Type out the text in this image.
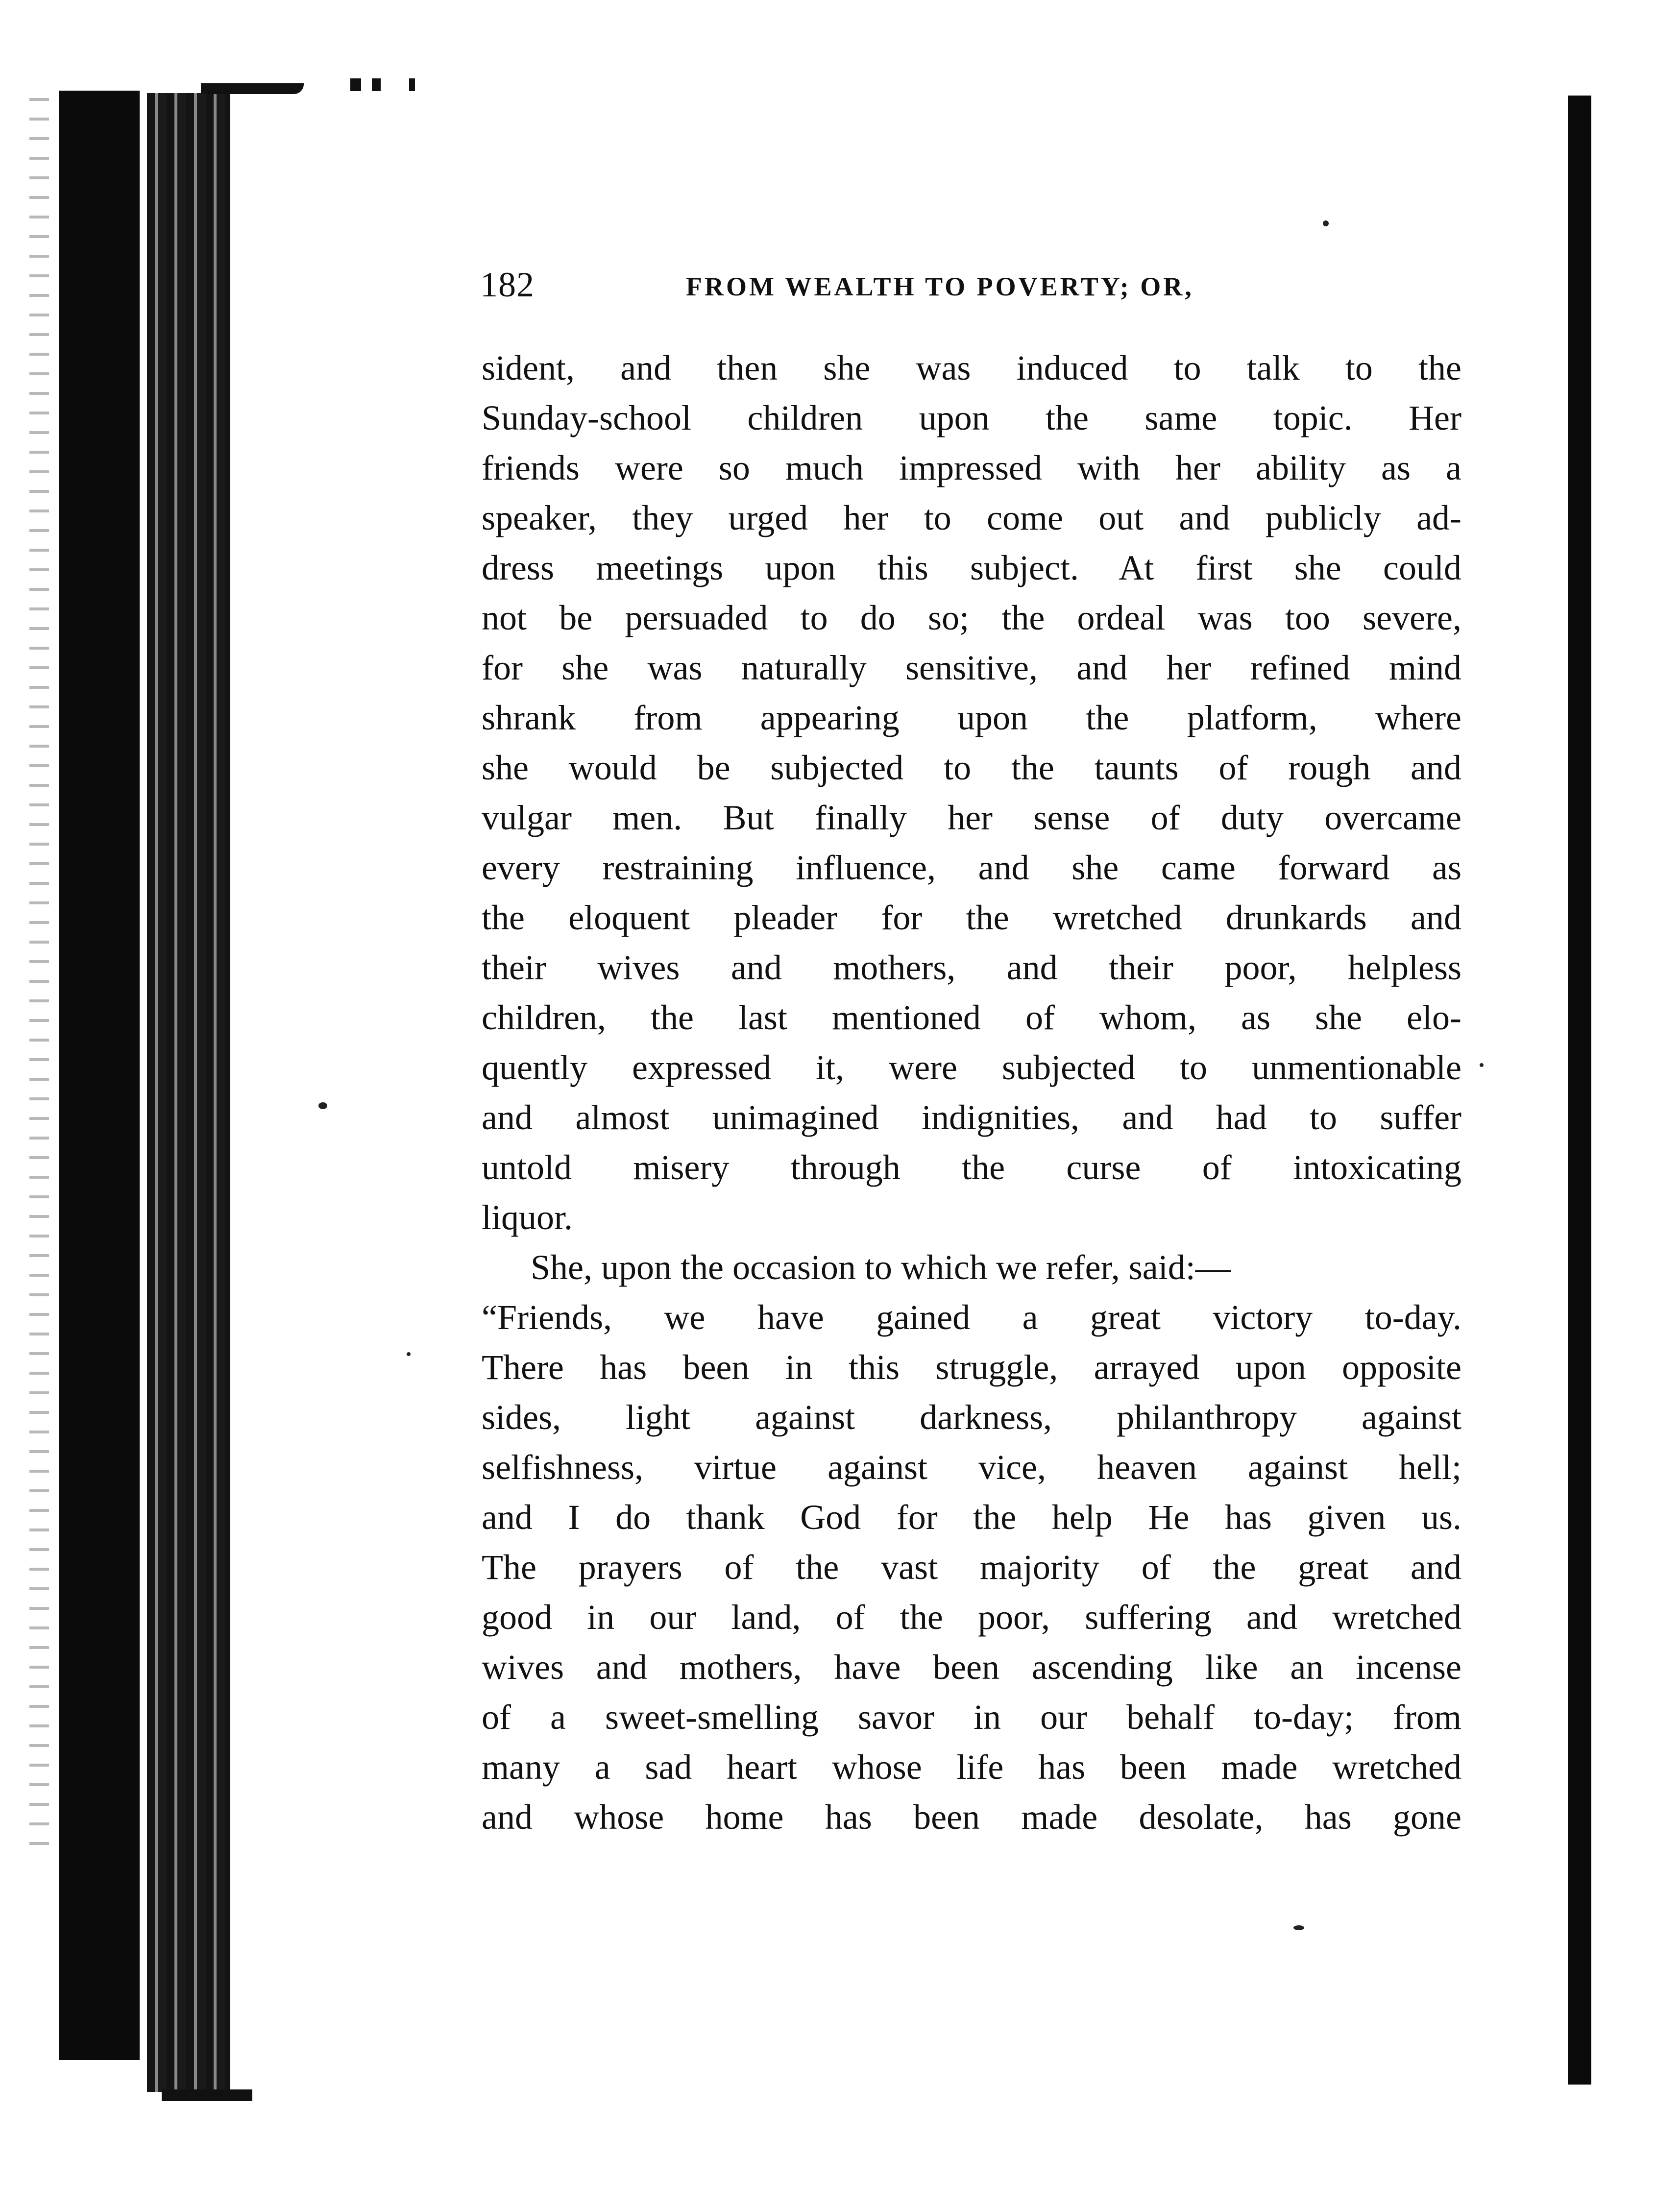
182	FROM WEALTH TO POVERTY; OR,

sident, and then she was induced to talk to the
Sunday-school children upon the same topic. Her
friends were so much impressed with her ability as a
speaker, they urged her to come out and publicly ad-
dress meetings upon this subject. At first she could
not be persuaded to do so; the ordeal was too severe,
for she was naturally sensitive, and her refined mind
shrank from appearing upon the platform, where
she would be subjected to the taunts of rough and
vulgar men. But finally her sense of duty overcame
every restraining influence, and she came forward as
the eloquent pleader for the wretched drunkards and
their wives and mothers, and their poor, helpless
children, the last mentioned of whom, as she elo-
quently expressed it, were subjected to unmentionable
and almost unimagined indignities, and had to suffer
untold misery through the curse of intoxicating
liquor.

She, upon the occasion to which we refer, said:—
“Friends, we have gained a great victory to-day.
There has been in this struggle, arrayed upon opposite
sides, light against darkness, philanthropy against
selfishness, virtue against vice, heaven against hell;
and I do thank God for the help He has given us.
The prayers of the vast majority of the great and
good in our land, of the poor, suffering and wretched
wives and mothers, have been ascending like an incense
of a sweet-smelling savor in our behalf to-day; from
many a sad heart whose life has been made wretched
and whose home has been made desolate, has gone
